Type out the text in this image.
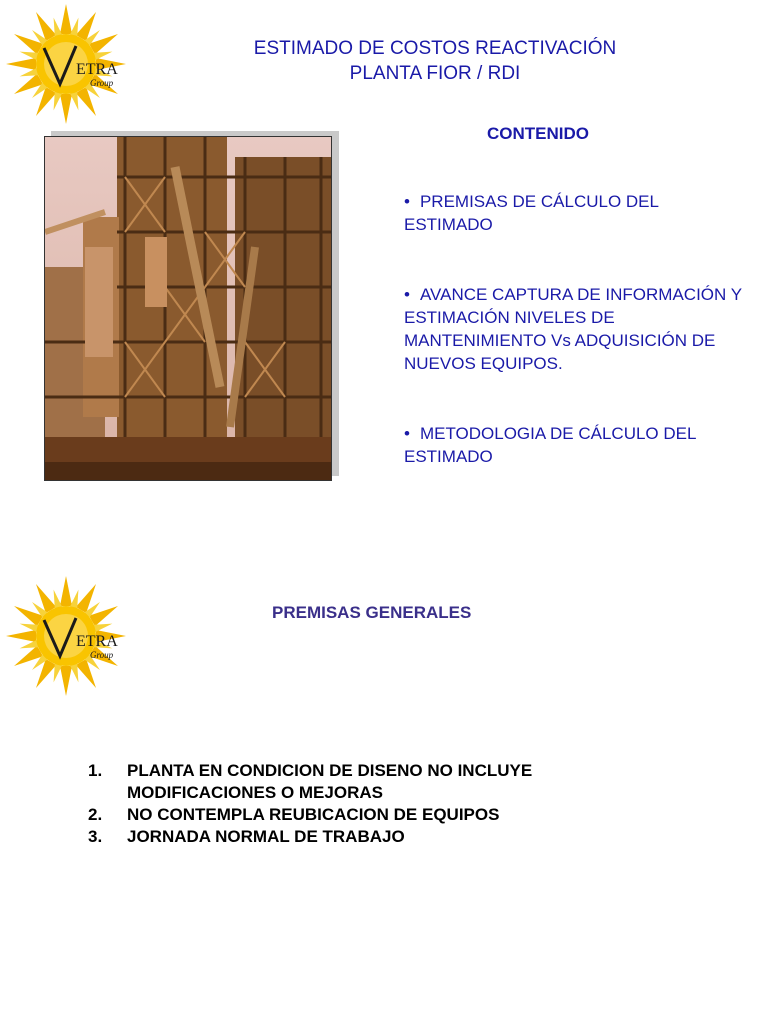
ETRA
Group
ESTIMADO DE COSTOS REACTIVACIÓN
PLANTA FIOR / RDI
CONTENIDO
• PREMISAS DE CÁLCULO DEL ESTIMADO
• AVANCE CAPTURA DE INFORMACIÓN Y ESTIMACIÓN NIVELES DE MANTENIMIENTO Vs ADQUISICIÓN DE NUEVOS EQUIPOS.
• METODOLOGIA DE CÁLCULO DEL ESTIMADO
ETRA
Group
PREMISAS GENERALES
1.	PLANTA EN CONDICION DE DISENO NO INCLUYE MODIFICACIONES O MEJORAS
2.	NO CONTEMPLA REUBICACION DE EQUIPOS
3.	JORNADA NORMAL DE TRABAJO
